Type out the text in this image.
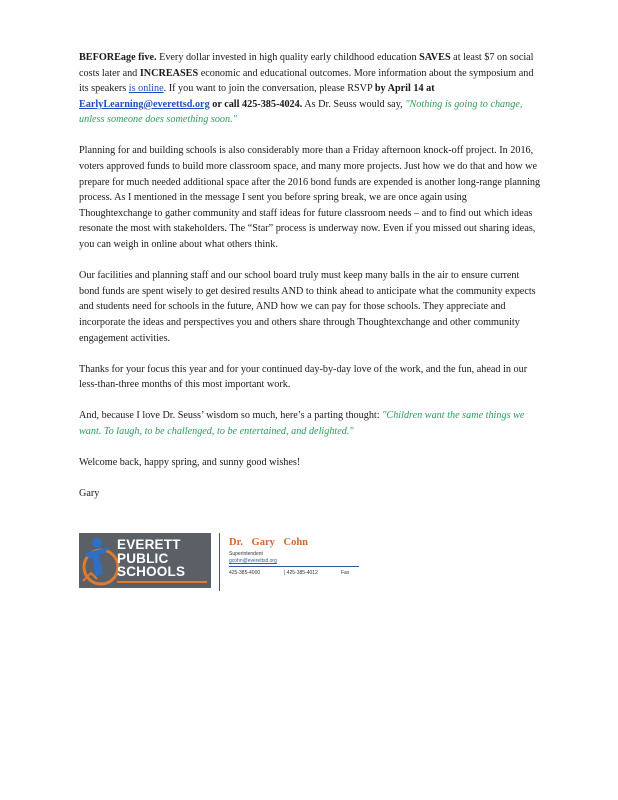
BEFOREage five. Every dollar invested in high quality early childhood education SAVES at least $7 on social costs later and INCREASES economic and educational outcomes. More information about the symposium and its speakers is online. If you want to join the conversation, please RSVP by April 14 at EarlyLearning@everettsd.org or call 425-385-4024. As Dr. Seuss would say, "Nothing is going to change, unless someone does something soon."

Planning for and building schools is also considerably more than a Friday afternoon knock-off project. In 2016, voters approved funds to build more classroom space, and many more projects. Just how we do that and how we prepare for much needed additional space after the 2016 bond funds are expended is another long-range planning process. As I mentioned in the message I sent you before spring break, we are once again using Thoughtexchange to gather community and staff ideas for future classroom needs – and to find out which ideas resonate the most with stakeholders. The “Star” process is underway now. Even if you missed out sharing ideas, you can weigh in online about what others think.

Our facilities and planning staff and our school board truly must keep many balls in the air to ensure current bond funds are spent wisely to get desired results AND to think ahead to anticipate what the community expects and students need for schools in the future, AND how we can pay for those schools. They appreciate and incorporate the ideas and perspectives you and others share through Thoughtexchange and other community engagement activities.

Thanks for your focus this year and for your continued day-by-day love of the work, and the fun, ahead in our less-than-three months of this most important work.

And, because I love Dr. Seuss’ wisdom so much, here’s a parting thought: "Children want the same things we want. To laugh, to be challenged, to be entertained, and delighted."

Welcome back, happy spring, and sunny good wishes!

Gary

EVERETT PUBLIC SCHOOLS
Dr. Gary Cohn
Superintendent
gcohn@everettsd.org
425-385-4000	| 425-385-4012	Fax
